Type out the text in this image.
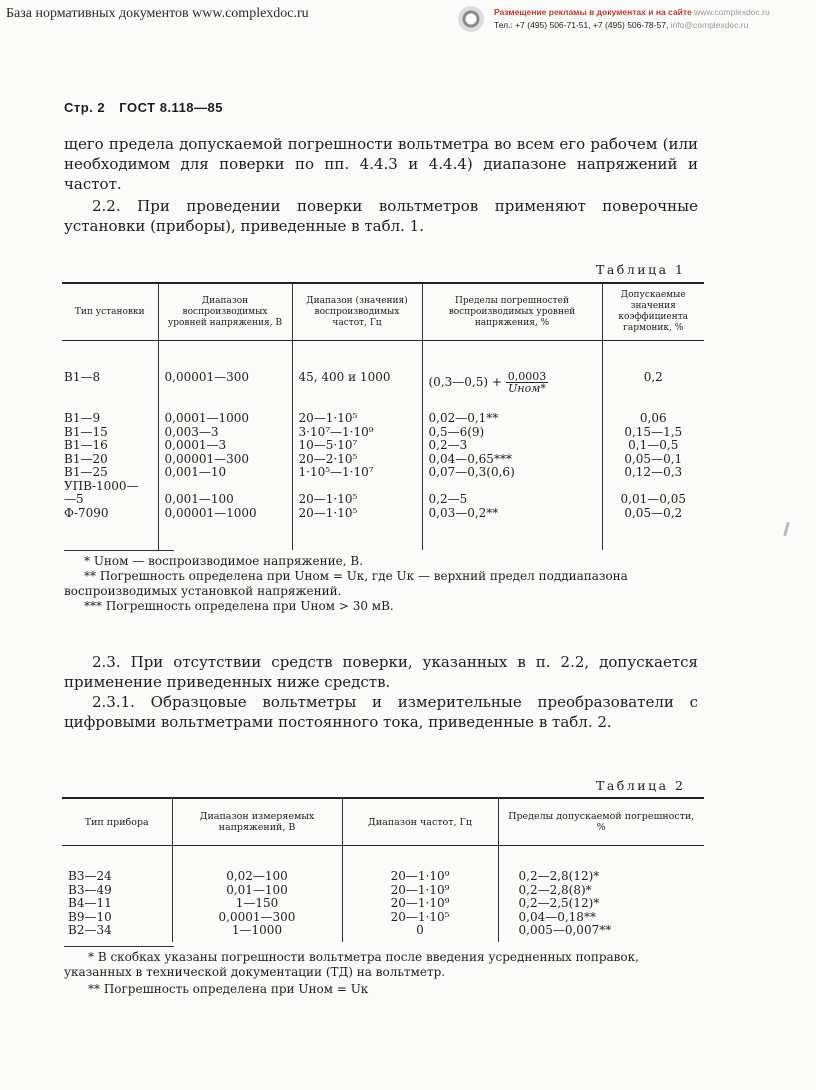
База нормативных документов www.complexdoc.ru	Размещение рекламы в документах и на сайте www.complexdoc.ru
Тел.: +7 (495) 506-71-51, +7 (495) 506-78-57, info@complexdoc.ru
Стр. 2 ГОСТ 8.118—85
щего предела допускаемой погрешности вольтметра во всем его рабочем (или необходимом для поверки по пп. 4.4.3 и 4.4.4) диапазоне напряжений и частот.
2.2. При проведении поверки вольтметров применяют поверочные установки (приборы), приведенные в табл. 1.
Таблица 1
Тип установки	Диапазон воспроизводимых уровней напряжения, В	Диапазон (значения) воспроизводимых частот, Гц	Пределы погрешностей воспроизводимых уровней напряжения, %	Допускаемые значения коэффициента гармоник, %
В1—8	0,00001—300	45, 400 и 1000	(0,3—0,5) + $\frac{0,0003}{\text{Uном*}}$	0,2
В1—9	0,0001—1000	20—1·10⁵	0,02—0,1**	0,06
В1—15	0,003—3	3·10⁷—1·10⁹	0,5—6(9)	0,15—1,5
В1—16	0,0001—3	10—5·10⁷	0,2—3	0,1—0,5
В1—20	0,00001—300	20—2·10⁵	0,04—0,65***	0,05—0,1
В1—25	0,001—10	1·10⁵—1·10⁷	0,07—0,3(0,6)	0,12—0,3
УПВ-1000—				
—5	0,001—100	20—1·10⁵	0,2—5	0,01—0,05
Ф-7090	0,00001—1000	20—1·10⁵	0,03—0,2**	0,05—0,2
* Uном — воспроизводимое напряжение, В.
** Погрешность определена при Uном = Uк, где Uк — верхний предел поддиапазона воспроизводимых установкой напряжений.
*** Погрешность определена при Uном > 30 мВ.
2.3. При отсутствии средств поверки, указанных в п. 2.2, допускается применение приведенных ниже средств.
2.3.1. Образцовые вольтметры и измерительные преобразователи с цифровыми вольтметрами постоянного тока, приведенные в табл. 2.
Таблица 2
Тип прибора	Диапазон измеряемых напряжений, В	Диапазон частот, Гц	Пределы допускаемой погрешности, %
В3—24	0,02—100	20—1·10⁹	0,2—2,8(12)*
В3—49	0,01—100	20—1·10⁹	0,2—2,8(8)*
В4—11	1—150	20—1·10⁹	0,2—2,5(12)*
В9—10	0,0001—300	20—1·10⁵	0,04—0,18**
В2—34	1—1000	0	0,005—0,007**
* В скобках указаны погрешности вольтметра после введения усредненных поправок, указанных в технической документации (ТД) на вольтметр.
** Погрешность определена при Uном = Uк
